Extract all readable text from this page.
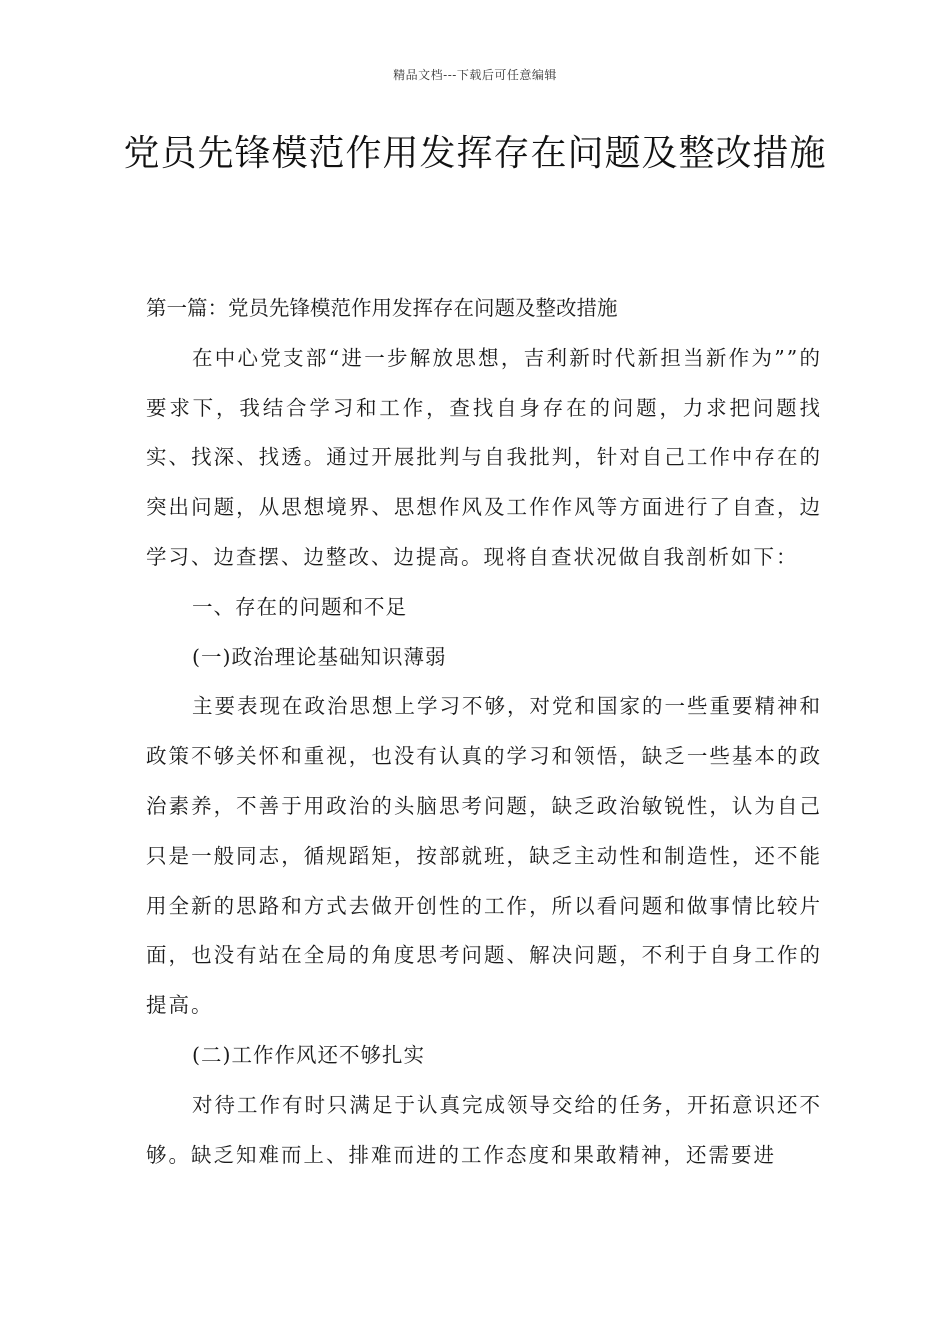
精品文档---下载后可任意编辑
党员先锋模范作用发挥存在问题及整改措施

第一篇：党员先锋模范作用发挥存在问题及整改措施

在中心党支部“进一步解放思想，吉利新时代新担当新作为””的要求下，我结合学习和工作，查找自身存在的问题，力求把问题找实、找深、找透。通过开展批判与自我批判，针对自己工作中存在的突出问题，从思想境界、思想作风及工作作风等方面进行了自查，边学习、边查摆、边整改、边提高。现将自查状况做自我剖析如下：

一、存在的问题和不足

(一)政治理论基础知识薄弱

主要表现在政治思想上学习不够，对党和国家的一些重要精神和政策不够关怀和重视，也没有认真的学习和领悟，缺乏一些基本的政治素养，不善于用政治的头脑思考问题，缺乏政治敏锐性，认为自己只是一般同志，循规蹈矩，按部就班，缺乏主动性和制造性，还不能用全新的思路和方式去做开创性的工作，所以看问题和做事情比较片面，也没有站在全局的角度思考问题、解决问题，不利于自身工作的提高。

(二)工作作风还不够扎实

对待工作有时只满足于认真完成领导交给的任务，开拓意识还不够。缺乏知难而上、排难而进的工作态度和果敢精神，还需要进
